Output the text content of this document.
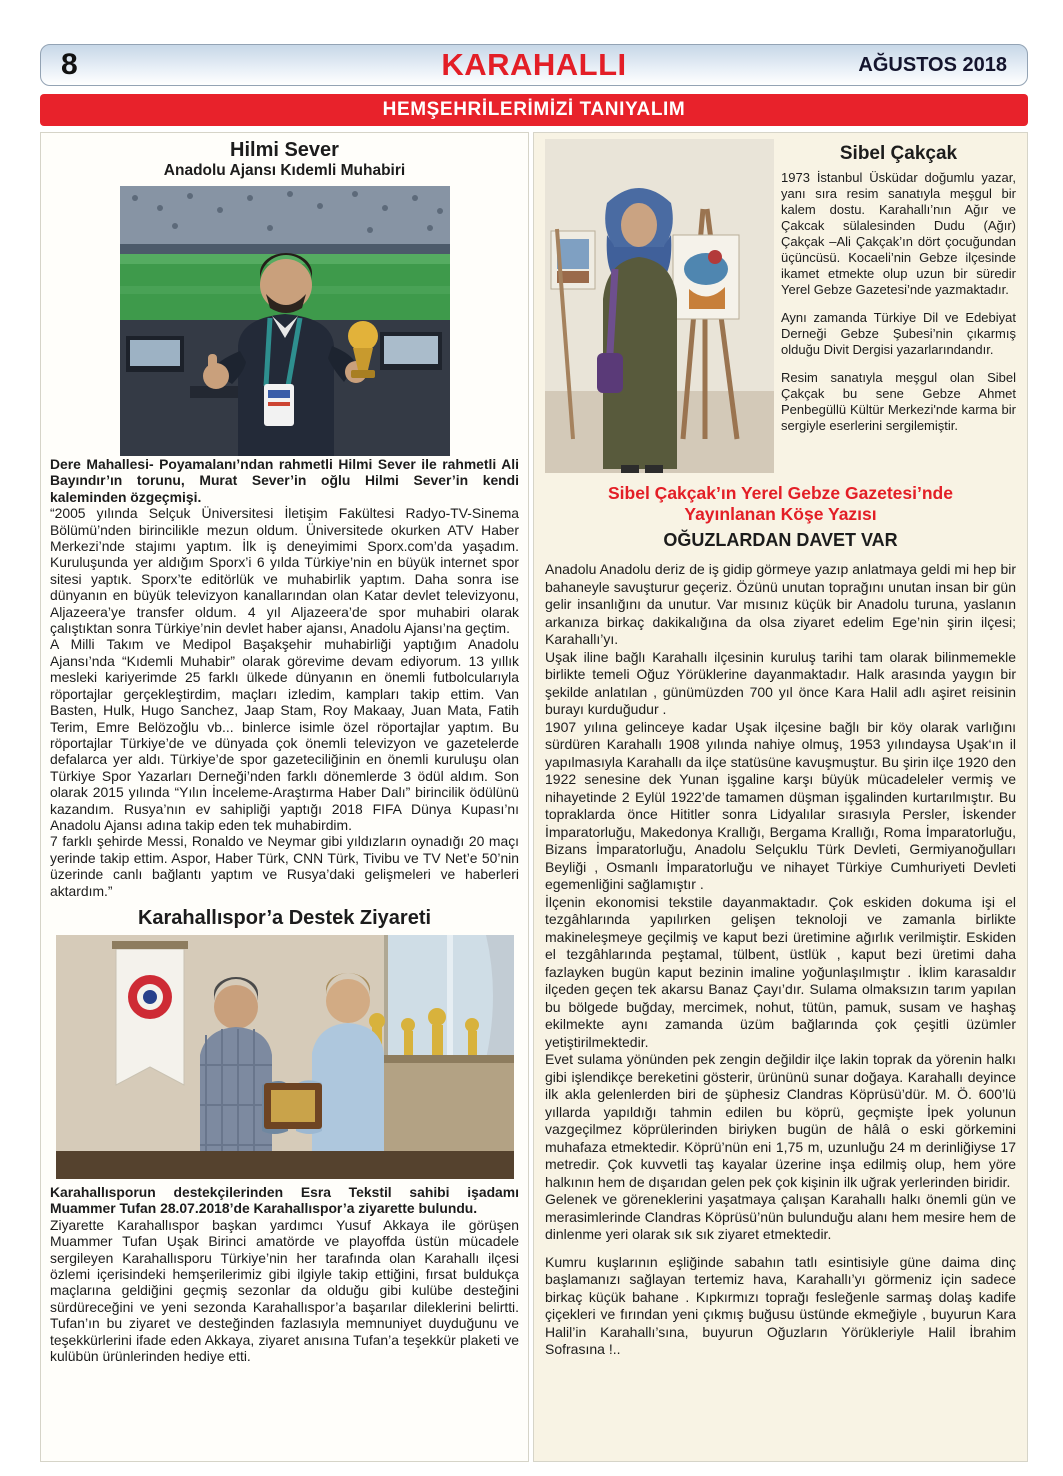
8	KARAHALLI	AĞUSTOS 2018
HEMŞEHRİLERİMİZİ TANIYALIM
Hilmi Sever
Anadolu Ajansı Kıdemli Muhabiri

Dere Mahallesi- Poyamalanı’ndan rahmetli Hilmi Sever ile rahmetli Ali Bayındır’ın torunu, Murat Sever’in oğlu Hilmi Sever’in kendi kaleminden özgeçmişi.

“2005 yılında Selçuk Üniversitesi İletişim Fakültesi Radyo-TV-Sinema Bölümü’nden birincilikle mezun oldum. Üniversitede okurken ATV Haber Merkezi’nde stajımı yaptım. İlk iş deneyimimi Sporx.com’da yaşadım. Kuruluşunda yer aldığım Sporx’i 6 yılda Türkiye’nin en büyük internet spor sitesi yaptık. Sporx’te editörlük ve muhabirlik yaptım. Daha sonra ise dünyanın en büyük televizyon kanallarından olan Katar devlet televizyonu, Aljazeera’ye transfer oldum. 4 yıl Aljazeera’de spor muhabiri olarak çalıştıktan sonra Türkiye’nin devlet haber ajansı, Anadolu Ajansı’na geçtim.

A Milli Takım ve Medipol Başakşehir muhabirliği yaptığım Anadolu Ajansı’nda “Kıdemli Muhabir” olarak görevime devam ediyorum. 13 yıllık mesleki kariyerimde 25 farklı ülkede dünyanın en önemli futbolcularıyla röportajlar gerçekleştirdim, maçları izledim, kampları takip ettim. Van Basten, Hulk, Hugo Sanchez, Jaap Stam, Roy Makaay, Juan Mata, Fatih Terim, Emre Belözoğlu vb... binlerce isimle özel röportajlar yaptım. Bu röportajlar Türkiye’de ve dünyada çok önemli televizyon ve gazetelerde defalarca yer aldı. Türkiye’de spor gazeteciliğinin en önemli kuruluşu olan Türkiye Spor Yazarları Derneği’nden farklı dönemlerde 3 ödül aldım. Son olarak 2015 yılında “Yılın İnceleme-Araştırma Haber Dalı” birincilik ödülünü kazandım. Rusya’nın ev sahipliği yaptığı 2018 FIFA Dünya Kupası’nı Anadolu Ajansı adına takip eden tek muhabirdim.

7 farklı şehirde Messi, Ronaldo ve Neymar gibi yıldızların oynadığı 20 maçı yerinde takip ettim. Aspor, Haber Türk, CNN Türk, Tivibu ve TV Net’e 50’nin üzerinde canlı bağlantı yaptım ve Rusya’daki gelişmeleri ve haberleri aktardım.”

Karahallıspor’a Destek Ziyareti

Karahallısporun destekçilerinden Esra Tekstil sahibi işadamı Muammer Tufan 28.07.2018’de Karahallıspor’a ziyarette bulundu.

Ziyarette Karahallıspor başkan yardımcı Yusuf Akkaya ile görüşen Muammer Tufan Uşak Birinci amatörde ve playoffda üstün mücadele sergileyen Karahallısporu Türkiye’nin her tarafında olan Karahallı ilçesi özlemi içerisindeki hemşerilerimiz gibi ilgiyle takip ettiğini, fırsat buldukça maçlarına geldiğini geçmiş sezonlar da olduğu gibi kulübe desteğini sürdüreceğini ve yeni sezonda Karahallıspor’a başarılar dileklerini belirtti. Tufan’ın bu ziyaret ve desteğinden fazlasıyla memnuniyet duyduğunu ve teşekkürlerini ifade eden Akkaya, ziyaret anısına Tufan’a teşekkür plaketi ve kulübün ürünlerinden hediye etti.

Sibel Çakçak

1973 İstanbul Üsküdar doğumlu yazar, yanı sıra resim sanatıyla meşgul bir kalem dostu. Karahallı’nın Ağır ve Çakcak sülalesinden Dudu (Ağır) Çakçak –Ali Çakçak’ın dört çocuğundan üçüncüsü. Kocaeli’nin Gebze ilçesinde ikamet etmekte olup uzun bir süredir Yerel Gebze Gazetesi’nde yazmaktadır.

Aynı zamanda Türkiye Dil ve Edebiyat Derneği Gebze Şubesi’nin çıkarmış olduğu Divit Dergisi yazarlarındandır.

Resim sanatıyla meşgul olan Sibel Çakçak bu sene Gebze Ahmet Penbegüllü Kültür Merkezi'nde karma bir sergiyle eserlerini sergilemiştir.

Sibel Çakçak’ın Yerel Gebze Gazetesi’nde Yayınlanan Köşe Yazısı
OĞUZLARDAN DAVET VAR

Anadolu Anadolu deriz de iş gidip görmeye yazıp anlatmaya geldi mi hep bir bahaneyle savuşturur geçeriz. Özünü unutan toprağını unutan insan bir gün gelir insanlığını da unutur. Var mısınız küçük bir Anadolu turuna, yaslanın arkanıza birkaç dakikalığına da olsa ziyaret edelim Ege’nin şirin ilçesi; Karahallı’yı.

Uşak iline bağlı Karahallı ilçesinin kuruluş tarihi tam olarak bilinmemekle birlikte temeli Oğuz Yörüklerine dayanmaktadır. Halk arasında yaygın bir şekilde anlatılan , günümüzden 700 yıl önce Kara Halil adlı aşiret reisinin burayı kurduğudur .

1907 yılına gelinceye kadar Uşak ilçesine bağlı bir köy olarak varlığını sürdüren Karahallı 1908 yılında nahiye olmuş, 1953 yılındaysa Uşak‘ın il yapılmasıyla Karahallı da ilçe statüsüne kavuşmuştur. Bu şirin ilçe 1920 den 1922 senesine dek Yunan işgaline karşı büyük mücadeleler vermiş ve nihayetinde 2 Eylül 1922’de tamamen düşman işgalinden kurtarılmıştır. Bu topraklarda önce Hititler sonra Lidyalılar sırasıyla Persler, İskender İmparatorluğu, Makedonya Krallığı, Bergama Krallığı, Roma İmparatorluğu, Bizans İmparatorluğu, Anadolu Selçuklu Türk Devleti, Germiyanoğulları Beyliği , Osmanlı İmparatorluğu ve nihayet Türkiye Cumhuriyeti Devleti egemenliğini sağlamıştır .

İlçenin ekonomisi tekstile dayanmaktadır. Çok eskiden dokuma işi el tezgâhlarında yapılırken gelişen teknoloji ve zamanla birlikte makineleşmeye geçilmiş ve kaput bezi üretimine ağırlık verilmiştir. Eskiden el tezgâhlarında peştamal, tülbent, üstlük , kaput bezi üretimi daha fazlayken bugün kaput bezinin imaline yoğunlaşılmıştır . İklim karasaldır ilçeden geçen tek akarsu Banaz Çayı’dır. Sulama olmaksızın tarım yapılan bu bölgede buğday, mercimek, nohut, tütün, pamuk, susam ve haşhaş ekilmekte aynı zamanda üzüm bağlarında çok çeşitli üzümler yetiştirilmektedir.

Evet sulama yönünden pek zengin değildir ilçe lakin toprak da yörenin halkı gibi işlendikçe bereketini gösterir, ürününü sunar doğaya. Karahallı deyince ilk akla gelenlerden biri de şüphesiz Clandras Köprüsü’dür. M. Ö. 600’lü yıllarda yapıldığı tahmin edilen bu köprü, geçmişte İpek yolunun vazgeçilmez köprülerinden biriyken bugün de hâlâ o eski görkemini muhafaza etmektedir. Köprü’nün eni 1,75 m, uzunluğu 24 m derinliğiyse 17 metredir. Çok kuvvetli taş kayalar üzerine inşa edilmiş olup, hem yöre halkının hem de dışarıdan gelen pek çok kişinin ilk uğrak yerlerinden biridir.

Gelenek ve göreneklerini yaşatmaya çalışan Karahallı halkı önemli gün ve merasimlerinde Clandras Köprüsü’nün bulunduğu alanı hem mesire hem de dinlenme yeri olarak sık sık ziyaret etmektedir.

Kumru kuşlarının eşliğinde sabahın tatlı esintisiyle güne daima dinç başlamanızı sağlayan tertemiz hava, Karahallı’yı görmeniz için sadece birkaç küçük bahane . Kıpkırmızı toprağı fesleğenle sarmaş dolaş kadife çiçekleri ve fırından yeni çıkmış buğusu üstünde ekmeğiyle , buyurun Kara Halil’in Karahallı’sına, buyurun Oğuzların Yörükleriyle Halil İbrahim Sofrasına !..
